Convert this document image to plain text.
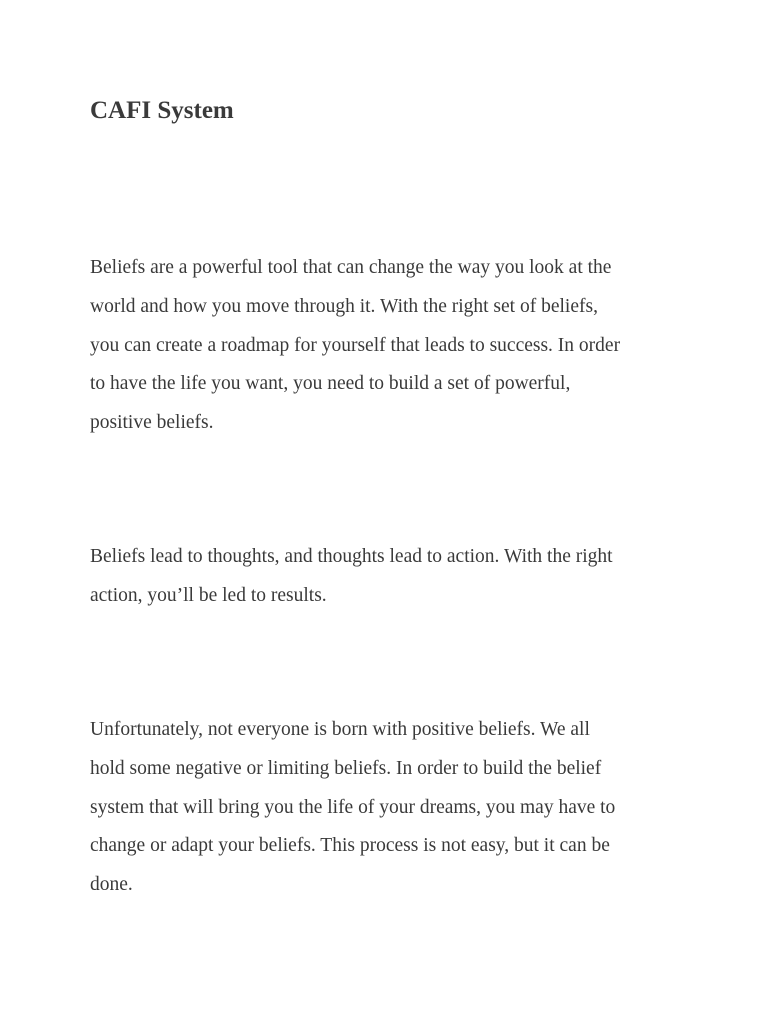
CAFI System

Beliefs are a powerful tool that can change the way you look at the
world and how you move through it. With the right set of beliefs,
you can create a roadmap for yourself that leads to success. In order
to have the life you want, you need to build a set of powerful,
positive beliefs.

Beliefs lead to thoughts, and thoughts lead to action. With the right
action, you’ll be led to results.

Unfortunately, not everyone is born with positive beliefs. We all
hold some negative or limiting beliefs. In order to build the belief
system that will bring you the life of your dreams, you may have to
change or adapt your beliefs. This process is not easy, but it can be
done.
